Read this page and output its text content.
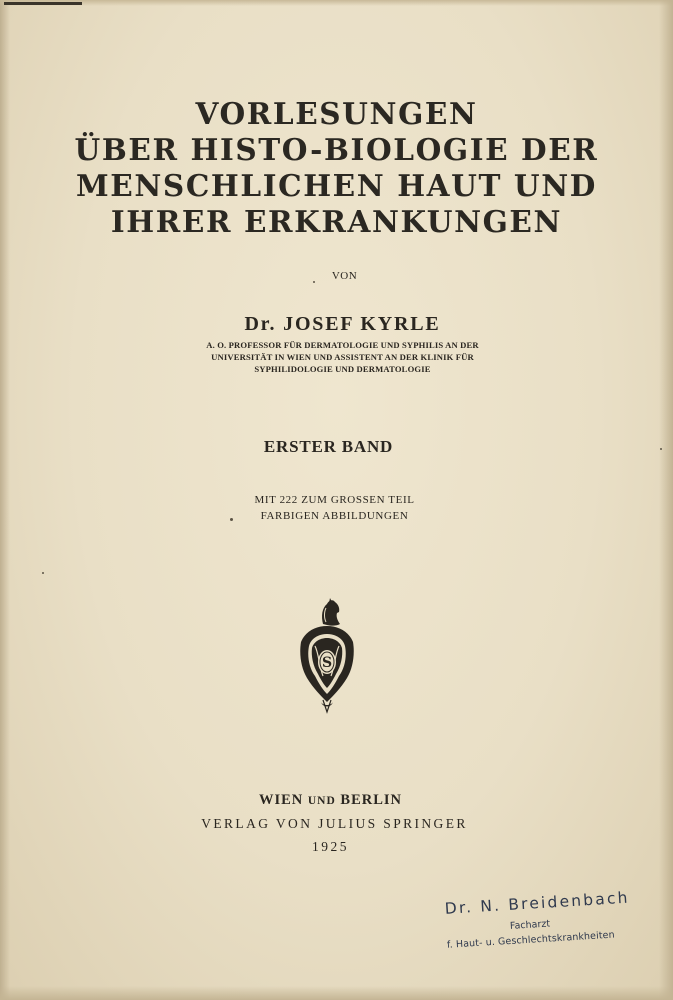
VORLESUNGEN
ÜBER HISTO-BIOLOGIE DER
MENSCHLICHEN HAUT UND
IHRER ERKRANKUNGEN
VON
Dr. JOSEF KYRLE
A. O. PROFESSOR FÜR DERMATOLOGIE UND SYPHILIS AN DER
UNIVERSITÄT IN WIEN UND ASSISTENT AN DER KLINIK FÜR
SYPHILIDOLOGIE UND DERMATOLOGIE
ERSTER BAND
MIT 222 ZUM GROSSEN TEIL
FARBIGEN ABBILDUNGEN
S
WIEN UND BERLIN
VERLAG VON JULIUS SPRINGER
1925
Dr. N. Breidenbach
Facharzt
f. Haut- u. Geschlechtskrankheiten
